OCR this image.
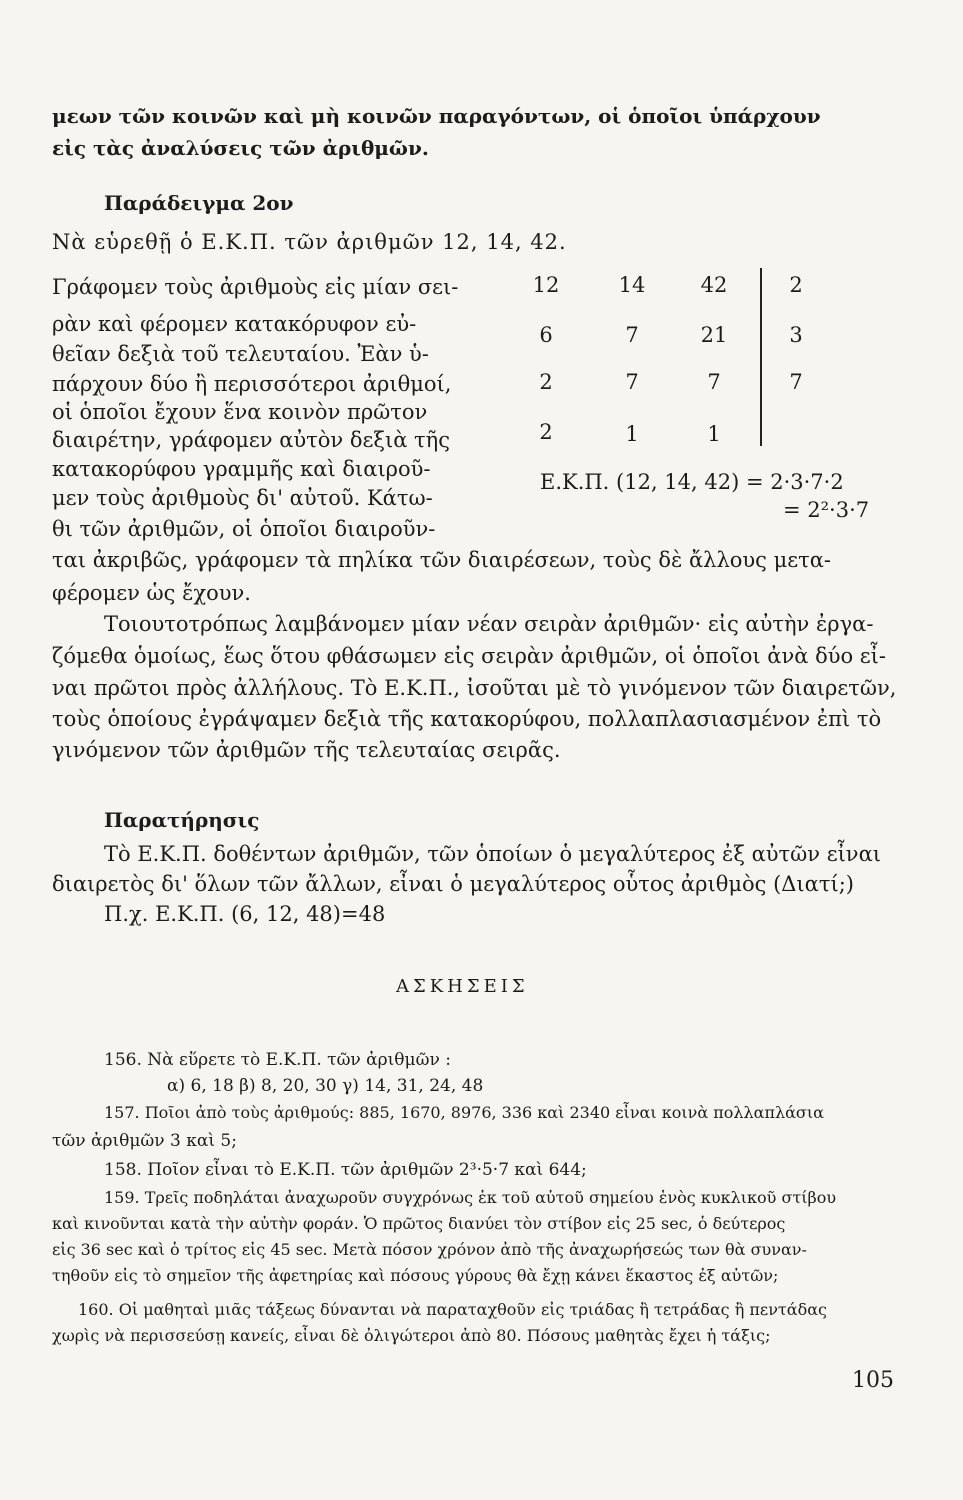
μεων τῶν κοινῶν καὶ μὴ κοινῶν παραγόντων, οἱ ὁποῖοι ὑπάρχουν
εἰς τὰς ἀναλύσεις τῶν ἀριθμῶν.
Παράδειγμα 2ον
Νὰ εὑρεθῇ ὁ Ε.Κ.Π. τῶν ἀριθμῶν 12, 14, 42.
Γράφομεν τοὺς ἀριθμοὺς εἰς μίαν σει-
ρὰν καὶ φέρομεν κατακόρυφον εὐ-
θεῖαν δεξιὰ τοῦ τελευταίου. Ἐὰν ὑ-
πάρχουν δύο ἢ περισσότεροι ἀριθμοί,
οἱ ὁποῖοι ἔχουν ἕνα κοινὸν πρῶτον
διαιρέτην, γράφομεν αὐτὸν δεξιὰ τῆς
κατακορύφου γραμμῆς καὶ διαιροῦ-
μεν τοὺς ἀριθμοὺς δι' αὐτοῦ. Κάτω-
θι τῶν ἀριθμῶν, οἱ ὁποῖοι διαιροῦν-
12	14	42	2
6	7	21	3
2	7	7	7
2	1	1
Ε.Κ.Π. (12, 14, 42) = 2·3·7·2
= 2²·3·7
ται ἀκριβῶς, γράφομεν τὰ πηλίκα τῶν διαιρέσεων, τοὺς δὲ ἄλλους μετα-
φέρομεν ὡς ἔχουν.
Τοιουτοτρόπως λαμβάνομεν μίαν νέαν σειρὰν ἀριθμῶν· εἰς αὐτὴν ἐργα-
ζόμεθα ὁμοίως, ἕως ὅτου φθάσωμεν εἰς σειρὰν ἀριθμῶν, οἱ ὁποῖοι ἀνὰ δύο εἶ-
ναι πρῶτοι πρὸς ἀλλήλους. Τὸ Ε.Κ.Π., ἰσοῦται μὲ τὸ γινόμενον τῶν διαιρετῶν,
τοὺς ὁποίους ἐγράψαμεν δεξιὰ τῆς κατακορύφου, πολλαπλασιασμένον ἐπὶ τὸ
γινόμενον τῶν ἀριθμῶν τῆς τελευταίας σειρᾶς.
Παρατήρησις
Τὸ Ε.Κ.Π. δοθέντων ἀριθμῶν, τῶν ὁποίων ὁ μεγαλύτερος ἐξ αὐτῶν εἶναι
διαιρετὸς δι' ὅλων τῶν ἄλλων, εἶναι ὁ μεγαλύτερος οὗτος ἀριθμὸς (Διατί;)
Π.χ. Ε.Κ.Π. (6, 12, 48)=48
ΑΣΚΗΣΕΙΣ
156. Νὰ εὕρετε τὸ Ε.Κ.Π. τῶν ἀριθμῶν :
α) 6, 18 β) 8, 20, 30 γ) 14, 31, 24, 48
157. Ποῖοι ἀπὸ τοὺς ἀριθμούς: 885, 1670, 8976, 336 καὶ 2340 εἶναι κοινὰ πολλαπλάσια
τῶν ἀριθμῶν 3 καὶ 5;
158. Ποῖον εἶναι τὸ Ε.Κ.Π. τῶν ἀριθμῶν 2³·5·7 καὶ 644;
159. Τρεῖς ποδηλάται ἀναχωροῦν συγχρόνως ἐκ τοῦ αὐτοῦ σημείου ἑνὸς κυκλικοῦ στίβου
καὶ κινοῦνται κατὰ τὴν αὐτὴν φοράν. Ὁ πρῶτος διανύει τὸν στίβον εἰς 25 sec, ὁ δεύτερος
εἰς 36 sec καὶ ὁ τρίτος εἰς 45 sec. Μετὰ πόσον χρόνον ἀπὸ τῆς ἀναχωρήσεώς των θὰ συναν-
τηθοῦν εἰς τὸ σημεῖον τῆς ἀφετηρίας καὶ πόσους γύρους θὰ ἔχῃ κάνει ἕκαστος ἐξ αὐτῶν;
160. Οἱ μαθηταὶ μιᾶς τάξεως δύνανται νὰ παραταχθοῦν εἰς τριάδας ἢ τετράδας ἢ πεντάδας
χωρὶς νὰ περισσεύσῃ κανείς, εἶναι δὲ ὀλιγώτεροι ἀπὸ 80. Πόσους μαθητὰς ἔχει ἡ τάξις;
105
